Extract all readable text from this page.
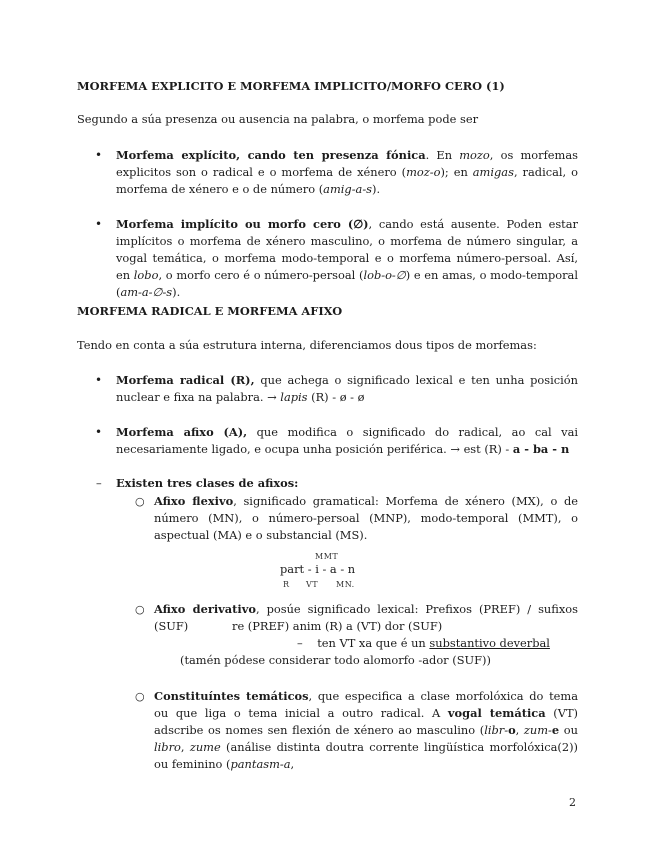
MORFEMA EXPLICITO E MORFEMA IMPLICITO/MORFO CERO (1)
Segundo a súa presenza ou ausencia na palabra, o morfema pode ser
• Morfema explícito, cando ten presenza fónica. En mozo, os morfemas explicitos son o radical e o morfema de xénero (moz-o); en amigas, radical, o morfema de xénero e o de número (amig-a-s).
• Morfema implícito ou morfo cero (∅), cando está ausente. Poden estar implícitos o morfema de xénero masculino, o morfema de número singular, a vogal temática, o morfema modo-temporal e o morfema número-persoal. Así, en lobo, o morfo cero é o número-persoal (lob-o-∅) e en amas, o modo-temporal (am-a-∅-s).
MORFEMA RADICAL E MORFEMA AFIXO
Tendo en conta a súa estrutura interna, diferenciamos dous tipos de morfemas:
• Morfema radical (R), que achega o significado lexical e ten unha posición nuclear e fixa na palabra. → lapis (R) - ø - ø
• Morfema afixo (A), que modifica o significado do radical, ao cal vai necesariamente ligado, e ocupa unha posición periférica. → est (R) - a - ba - n
– Existen tres clases de afixos:
○ Afixo flexivo, significado gramatical: Morfema de xénero (MX), o de número (MN), o número-persoal (MNP), modo-temporal (MMT), o aspectual (MA) e o substancial (MS).
MMT
part - i - a - n
R VT MN.
○ Afixo derivativo, posúe significado lexical: Prefixos (PREF) / sufixos (SUF)	re (PREF) anim (R) a (VT) dor (SUF)
– ten VT xa que é un substantivo deverbal
(tamén pódese considerar todo alomorfo -ador (SUF))
○ Constituíntes temáticos, que especifica a clase morfolóxica do tema ou que liga o tema inicial a outro radical. A vogal temática (VT) adscribe os nomes sen flexión de xénero ao masculino (libr-o, zum-e ou libro, zume (análise distinta doutra corrente lingüística morfolóxica(2)) ou feminino (pantasm-a,
2
